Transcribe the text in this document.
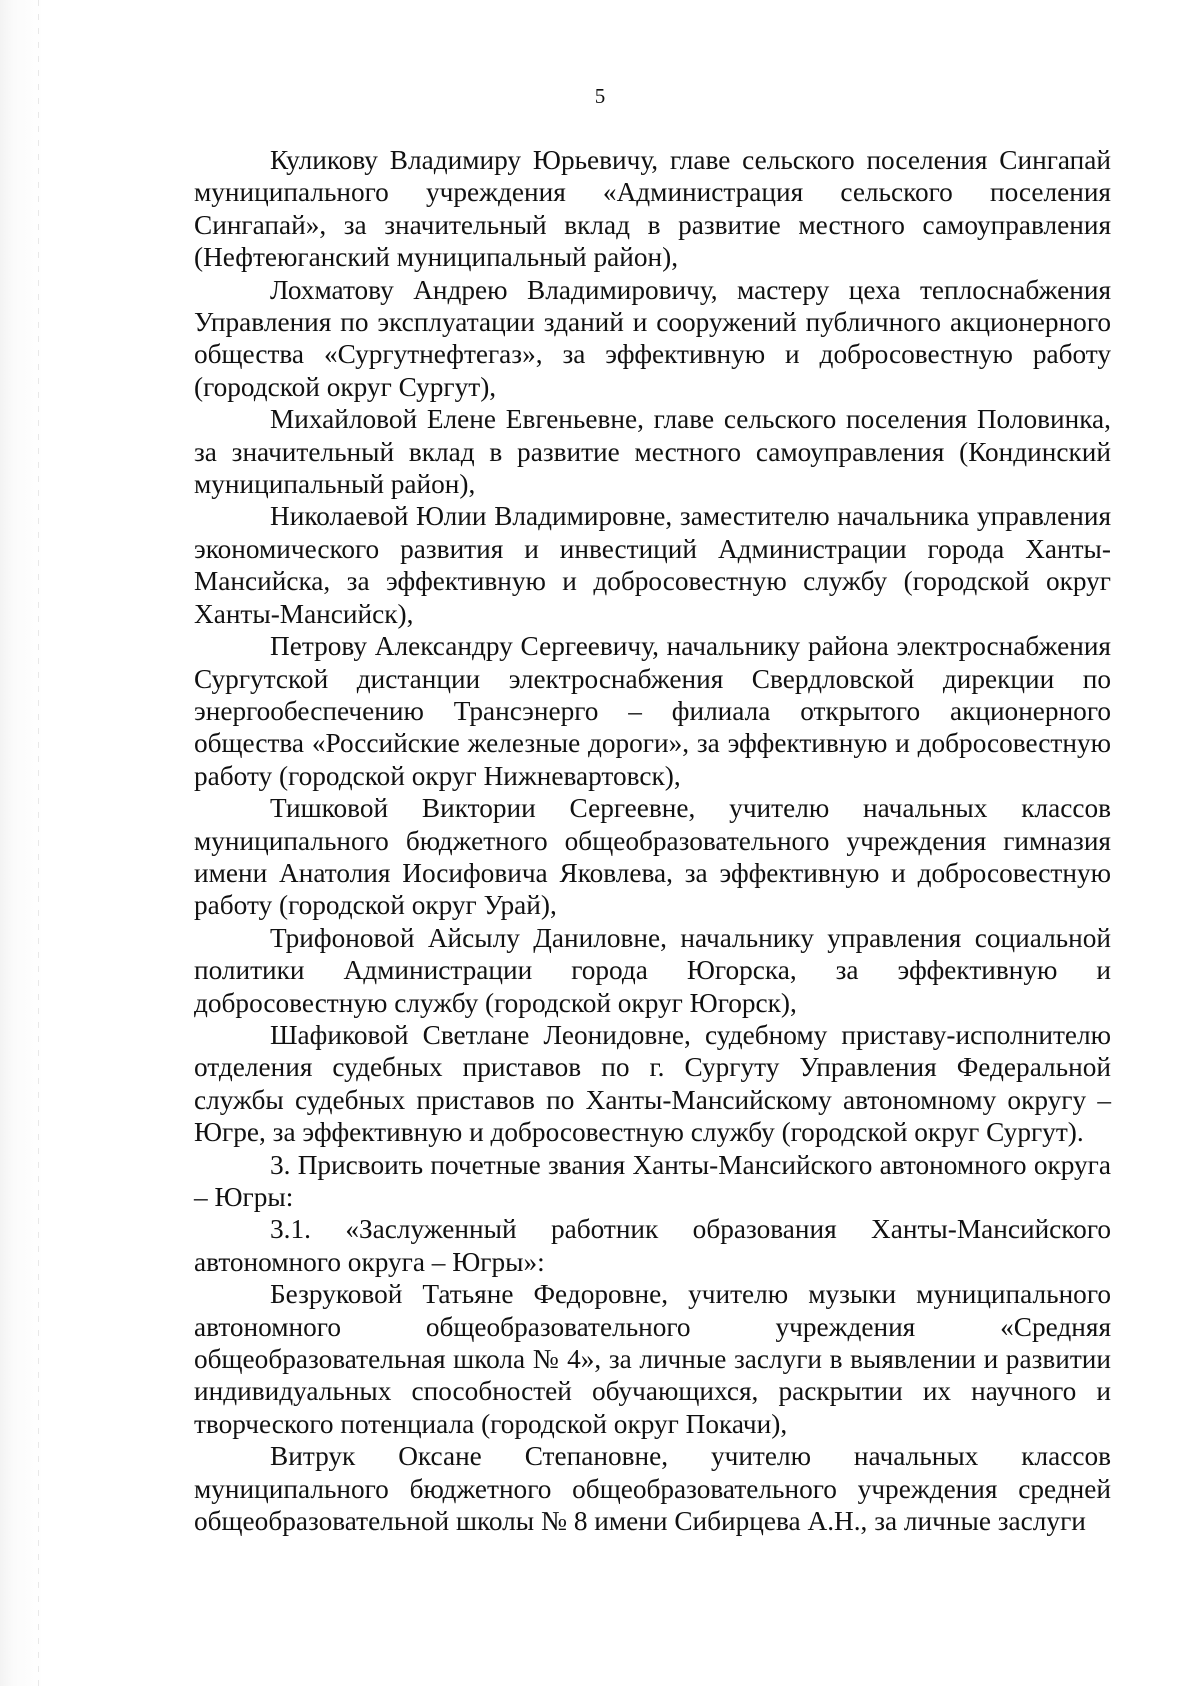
5

Куликову Владимиру Юрьевичу, главе сельского поселения Сингапай муниципального учреждения «Администрация сельского поселения Сингапай», за значительный вклад в развитие местного самоуправления (Нефтеюганский муниципальный район),

Лохматову Андрею Владимировичу, мастеру цеха теплоснабжения Управления по эксплуатации зданий и сооружений публичного акционерного общества «Сургутнефтегаз», за эффективную и добросовестную работу (городской округ Сургут),

Михайловой Елене Евгеньевне, главе сельского поселения Половинка, за значительный вклад в развитие местного самоуправления (Кондинский муниципальный район),

Николаевой Юлии Владимировне, заместителю начальника управления экономического развития и инвестиций Администрации города Ханты-Мансийска, за эффективную и добросовестную службу (городской округ Ханты-Мансийск),

Петрову Александру Сергеевичу, начальнику района электроснабжения Сургутской дистанции электроснабжения Свердловской дирекции по энергообеспечению Трансэнерго – филиала открытого акционерного общества «Российские железные дороги», за эффективную и добросовестную работу (городской округ Нижневартовск),

Тишковой Виктории Сергеевне, учителю начальных классов муниципального бюджетного общеобразовательного учреждения гимназия имени Анатолия Иосифовича Яковлева, за эффективную и добросовестную работу (городской округ Урай),

Трифоновой Айсылу Даниловне, начальнику управления социальной политики Администрации города Югорска, за эффективную и добросовестную службу (городской округ Югорск),

Шафиковой Светлане Леонидовне, судебному приставу-исполнителю отделения судебных приставов по г. Сургуту Управления Федеральной службы судебных приставов по Ханты-Мансийскому автономному округу – Югре, за эффективную и добросовестную службу (городской округ Сургут).

3. Присвоить почетные звания Ханты-Мансийского автономного округа – Югры:

3.1. «Заслуженный работник образования Ханты-Мансийского автономного округа – Югры»:

Безруковой Татьяне Федоровне, учителю музыки муниципального автономного общеобразовательного учреждения «Средняя общеобразовательная школа № 4», за личные заслуги в выявлении и развитии индивидуальных способностей обучающихся, раскрытии их научного и творческого потенциала (городской округ Покачи),

Витрук Оксане Степановне, учителю начальных классов муниципального бюджетного общеобразовательного учреждения средней общеобразовательной школы № 8 имени Сибирцева А.Н., за личные заслуги
